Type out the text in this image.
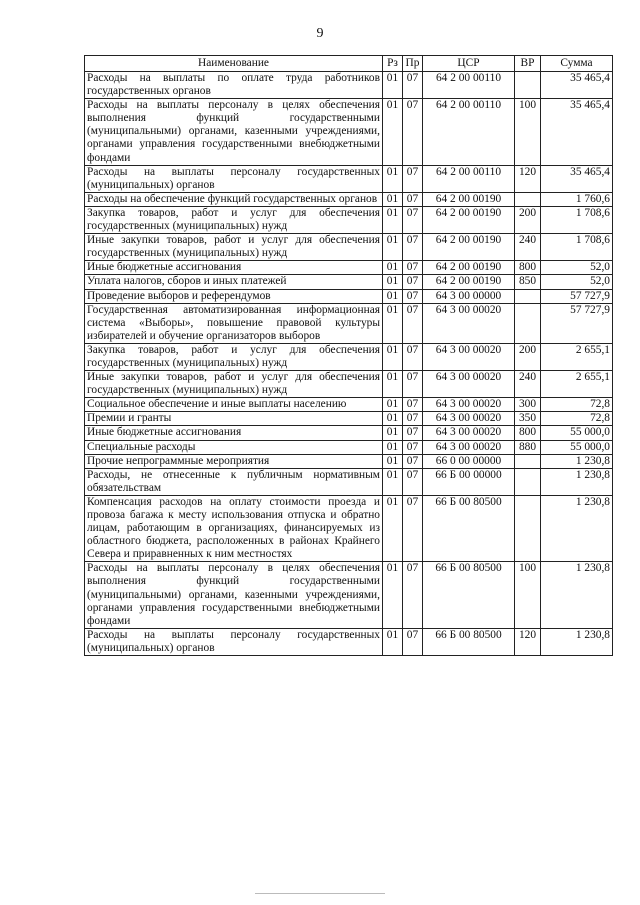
9
Наименование	Рз	Пр	ЦСР	ВР	Сумма
Расходы на выплаты по оплате труда работников государственных органов	01	07	64 2 00 00110		35 465,4
Расходы на выплаты персоналу в целях обеспечения выполнения функций государственными (муниципальными) органами, казенными учреждениями, органами управления государственными внебюджетными фондами	01	07	64 2 00 00110	100	35 465,4
Расходы на выплаты персоналу государственных (муниципальных) органов	01	07	64 2 00 00110	120	35 465,4
Расходы на обеспечение функций государственных органов	01	07	64 2 00 00190		1 760,6
Закупка товаров, работ и услуг для обеспечения государственных (муниципальных) нужд	01	07	64 2 00 00190	200	1 708,6
Иные закупки товаров, работ и услуг для обеспечения государственных (муниципальных) нужд	01	07	64 2 00 00190	240	1 708,6
Иные бюджетные ассигнования	01	07	64 2 00 00190	800	52,0
Уплата налогов, сборов и иных платежей	01	07	64 2 00 00190	850	52,0
Проведение выборов и референдумов	01	07	64 3 00 00000		57 727,9
Государственная автоматизированная информационная система «Выборы», повышение правовой культуры избирателей и обучение организаторов выборов	01	07	64 3 00 00020		57 727,9
Закупка товаров, работ и услуг для обеспечения государственных (муниципальных) нужд	01	07	64 3 00 00020	200	2 655,1
Иные закупки товаров, работ и услуг для обеспечения государственных (муниципальных) нужд	01	07	64 3 00 00020	240	2 655,1
Социальное обеспечение и иные выплаты населению	01	07	64 3 00 00020	300	72,8
Премии и гранты	01	07	64 3 00 00020	350	72,8
Иные бюджетные ассигнования	01	07	64 3 00 00020	800	55 000,0
Специальные расходы	01	07	64 3 00 00020	880	55 000,0
Прочие непрограммные мероприятия	01	07	66 0 00 00000		1 230,8
Расходы, не отнесенные к публичным нормативным обязательствам	01	07	66 Б 00 00000		1 230,8
Компенсация расходов на оплату стоимости проезда и провоза багажа к месту использования отпуска и обратно лицам, работающим в организациях, финансируемых из областного бюджета, расположенных в районах Крайнего Севера и приравненных к ним местностях	01	07	66 Б 00 80500		1 230,8
Расходы на выплаты персоналу в целях обеспечения выполнения функций государственными (муниципальными) органами, казенными учреждениями, органами управления государственными внебюджетными фондами	01	07	66 Б 00 80500	100	1 230,8
Расходы на выплаты персоналу государственных (муниципальных) органов	01	07	66 Б 00 80500	120	1 230,8
